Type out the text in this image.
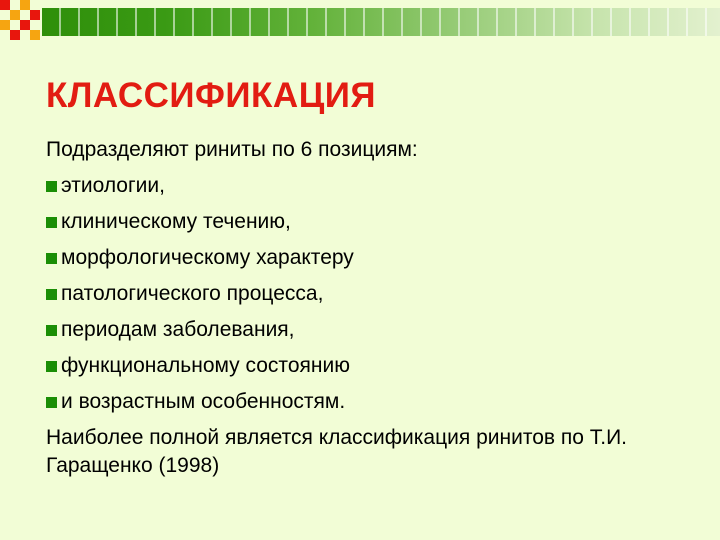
КЛАССИФИКАЦИЯ

Подразделяют риниты по 6 позициям:

этиологии,
клиническому течению,
морфологическому характеру
патологического процесса,
периодам заболевания,
функциональному состоянию
и возрастным особенностям.

Наиболее полной является классификация ринитов по Т.И. Гаращенко (1998)
